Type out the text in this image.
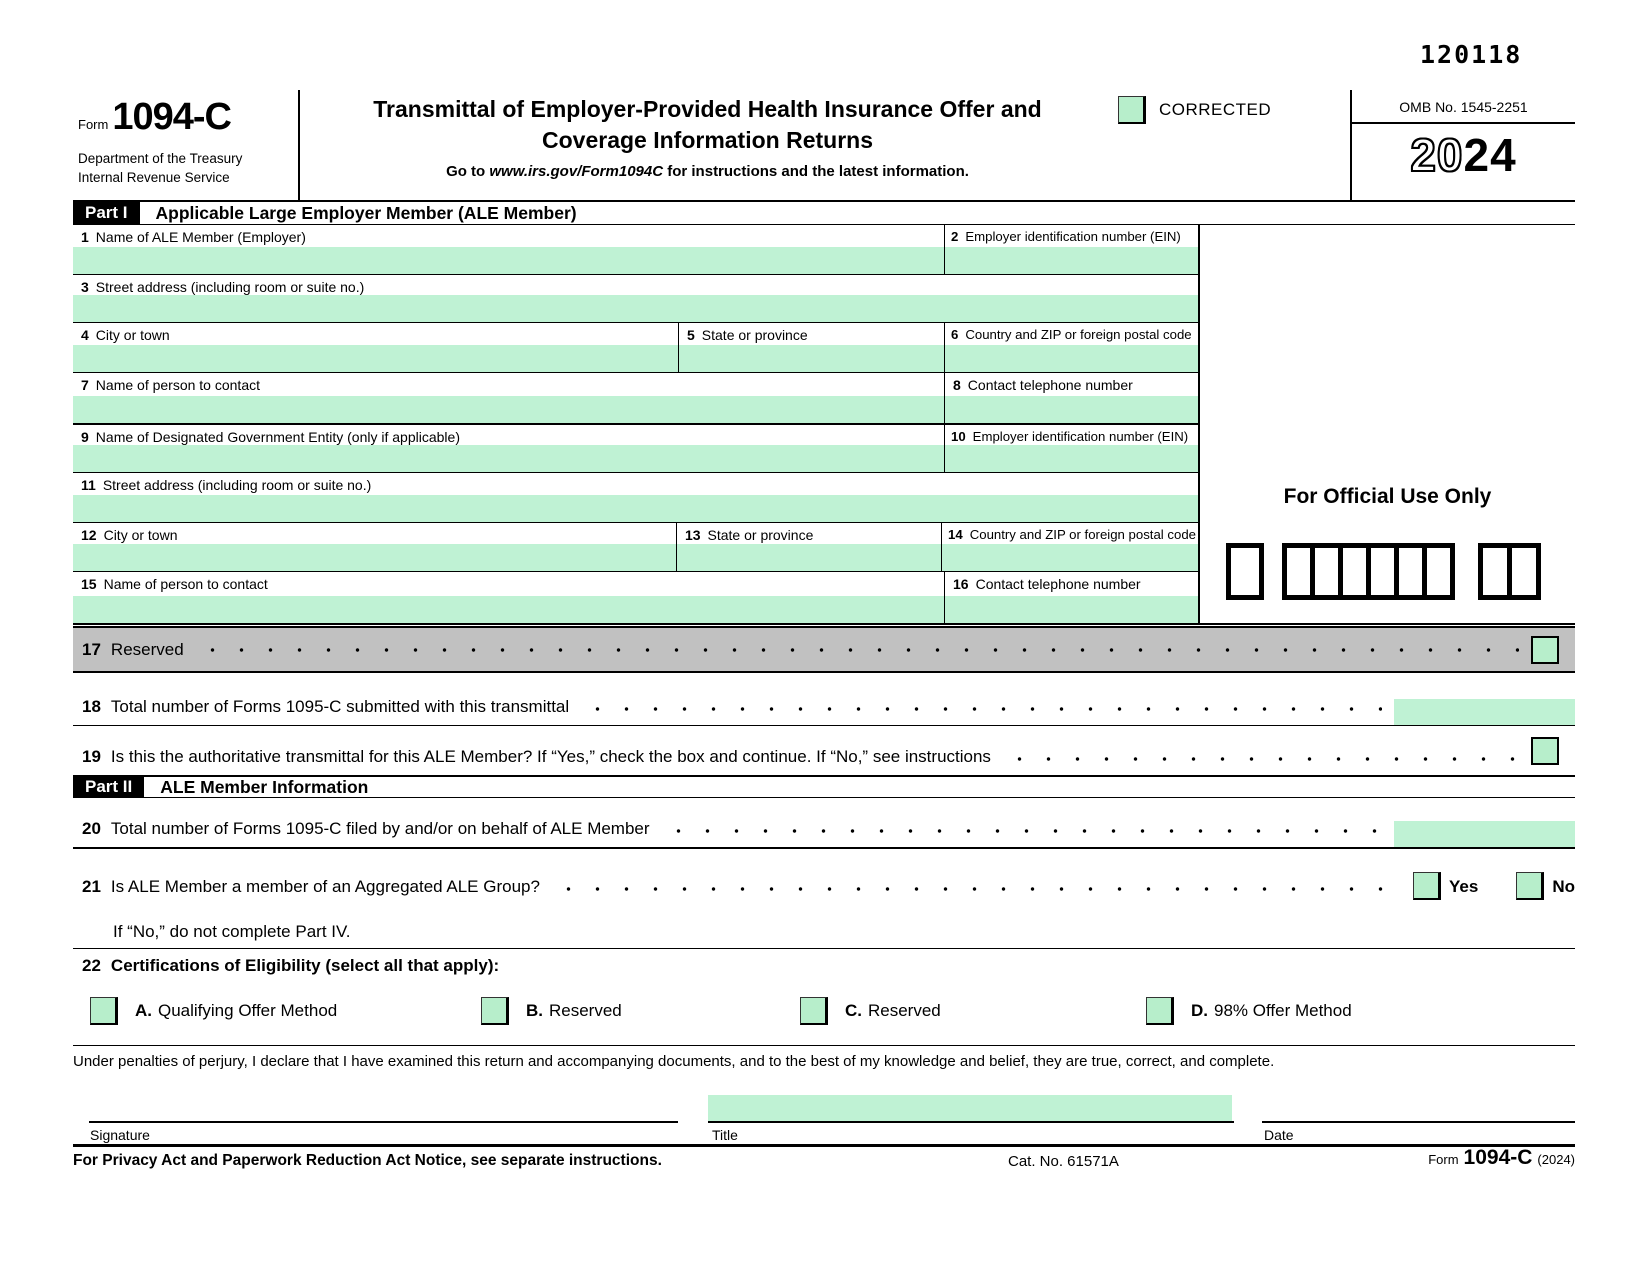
120118
Form 1094-C
Department of the Treasury
Internal Revenue Service
Transmittal of Employer-Provided Health Insurance Offer and
Coverage Information Returns
Go to www.irs.gov/Form1094C for instructions and the latest information.
CORRECTED	OMB No. 1545-2251
2024
Part I	Applicable Large Employer Member (ALE Member)
1 Name of ALE Member (Employer)	2 Employer identification number (EIN)
3 Street address (including room or suite no.)
4 City or town	5 State or province	6 Country and ZIP or foreign postal code
7 Name of person to contact	8 Contact telephone number
9 Name of Designated Government Entity (only if applicable)	10 Employer identification number (EIN)
11 Street address (including room or suite no.)
12 City or town	13 State or province	14 Country and ZIP or foreign postal code
15 Name of person to contact	16 Contact telephone number
For Official Use Only
17 Reserved
18 Total number of Forms 1095-C submitted with this transmittal
19 Is this the authoritative transmittal for this ALE Member? If “Yes,” check the box and continue. If “No,” see instructions
Part II	ALE Member Information
20 Total number of Forms 1095-C filed by and/or on behalf of ALE Member
21 Is ALE Member a member of an Aggregated ALE Group?	Yes	No
If “No,” do not complete Part IV.
22 Certifications of Eligibility (select all that apply):
A. Qualifying Offer Method	B. Reserved	C. Reserved	D. 98% Offer Method
Under penalties of perjury, I declare that I have examined this return and accompanying documents, and to the best of my knowledge and belief, they are true, correct, and complete.
Signature	Title	Date
For Privacy Act and Paperwork Reduction Act Notice, see separate instructions.	Cat. No. 61571A	Form 1094-C (2024)
